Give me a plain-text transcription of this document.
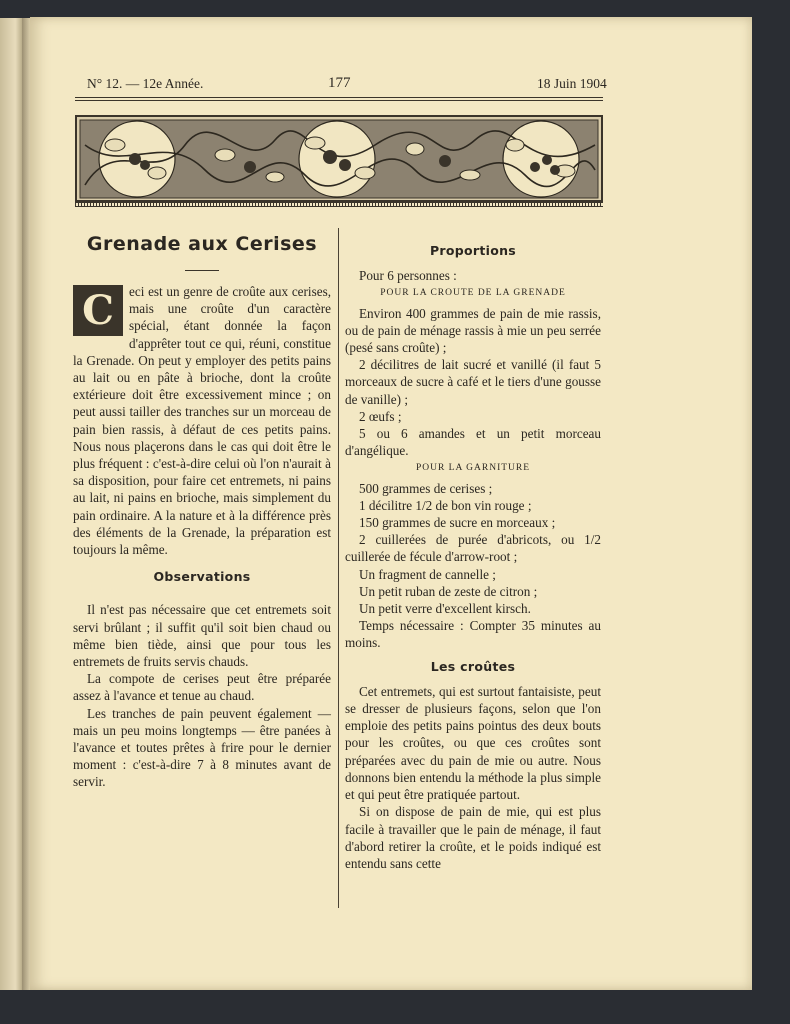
N° 12. — 12e Année.	177	18 Juin 1904
Grenade aux Cerises

C	eci est un genre de croûte aux cerises, mais une croûte d'un caractère spécial, étant donnée la façon d'apprêter tout ce qui, réuni, constitue la Grenade. On peut y employer des petits pains au lait ou en pâte à brioche, dont la croûte extérieure doit être excessivement mince ; on peut aussi tailler des tranches sur un morceau de pain bien rassis, à défaut de ces petits pains. Nous nous plaçerons dans le cas qui doit être le plus fréquent : c'est-à-dire celui où l'on n'aurait à sa disposition, pour faire cet entremets, ni pains au lait, ni pains en brioche, mais simplement du pain ordinaire. A la nature et à la différence près des éléments de la Grenade, la préparation est toujours la même.

Observations

Il n'est pas nécessaire que cet entremets soit servi brûlant ; il suffit qu'il soit bien chaud ou même bien tiède, ainsi que pour tous les entremets de fruits servis chauds.

La compote de cerises peut être préparée assez à l'avance et tenue au chaud.

Les tranches de pain peuvent également — mais un peu moins longtemps — être panées à l'avance et toutes prêtes à frire pour le dernier moment : c'est-à-dire 7 à 8 minutes avant de servir.

Proportions

Pour 6 personnes :

POUR LA CROUTE DE LA GRENADE

Environ 400 grammes de pain de mie rassis, ou de pain de ménage rassis à mie un peu serrée (pesé sans croûte) ;

2 décilitres de lait sucré et vanillé (il faut 5 morceaux de sucre à café et le tiers d'une gousse de vanille) ;

2 œufs ;

5 ou 6 amandes et un petit morceau d'angélique.

POUR LA GARNITURE

500 grammes de cerises ;

1 décilitre 1/2 de bon vin rouge ;

150 grammes de sucre en morceaux ;

2 cuillerées de purée d'abricots, ou 1/2 cuillerée de fécule d'arrow-root ;

Un fragment de cannelle ;

Un petit ruban de zeste de citron ;

Un petit verre d'excellent kirsch.

Temps nécessaire : Compter 35 minutes au moins.

Les croûtes

Cet entremets, qui est surtout fantaisiste, peut se dresser de plusieurs façons, selon que l'on emploie des petits pains pointus des deux bouts pour les croûtes, ou que ces croûtes sont préparées avec du pain de mie ou autre. Nous donnons bien entendu la méthode la plus simple et qui peut être pratiquée partout.

Si on dispose de pain de mie, qui est plus facile à travailler que le pain de ménage, il faut d'abord retirer la croûte, et le poids indiqué est entendu sans cette
